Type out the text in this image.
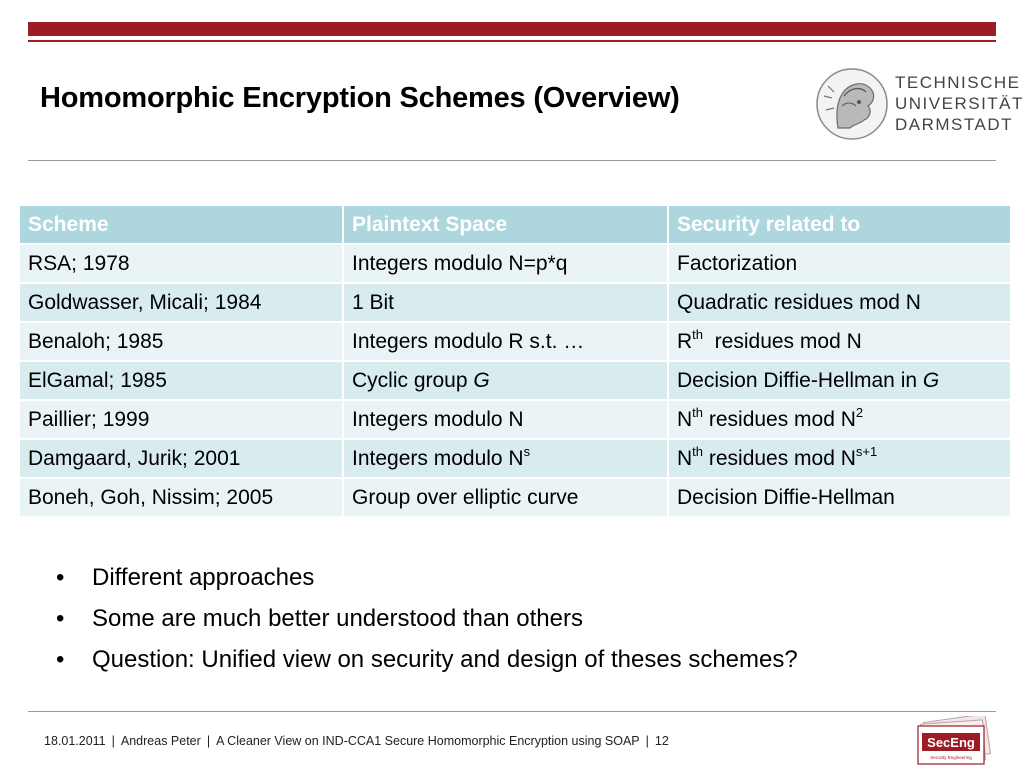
Homomorphic Encryption Schemes (Overview)	TECHNISCHE
UNIVERSITÄT
DARMSTADT
Scheme	Plaintext Space	Security related to
RSA; 1978	Integers modulo N=p*q	Factorization
Goldwasser, Micali; 1984	1 Bit	Quadratic residues mod N
Benaloh; 1985	Integers modulo R s.t. …	$R^{th}$  residues mod N
ElGamal; 1985	Cyclic group G	Decision Diffie-Hellman in G
Paillier; 1999	Integers modulo N	$N^{th}$ residues mod $N^2$
Damgaard, Jurik; 2001	Integers modulo $N^s$	$N^{th}$ residues mod $N^{s+1}$
Boneh, Goh, Nissim; 2005	Group over elliptic curve	Decision Diffie-Hellman
• Different approaches
• Some are much better understood than others
• Question: Unified view on security and design of theses schemes?
18.01.2011 | Andreas Peter | A Cleaner View on IND-CCA1 Secure Homomorphic Encryption using SOAP | 12	SecEng
Security Engineering
